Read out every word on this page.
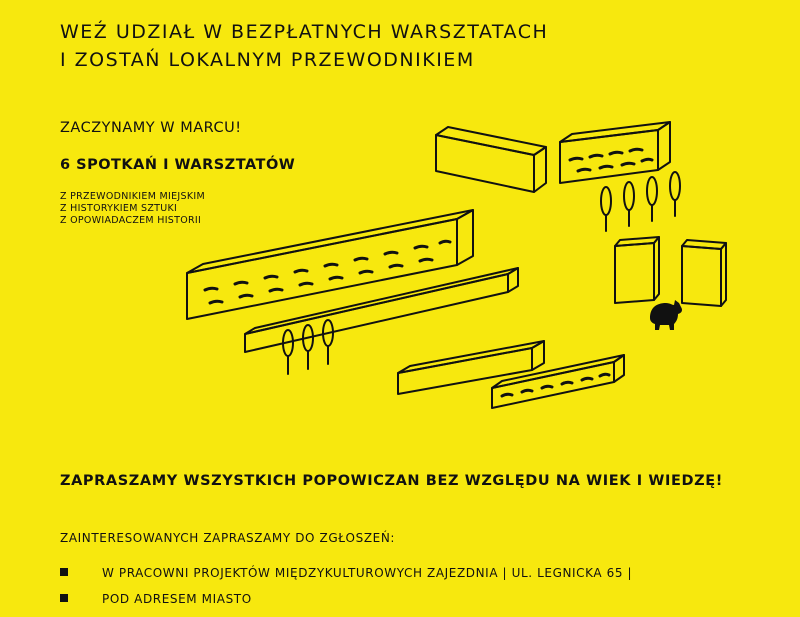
WEŹ UDZIAŁ W BEZPŁATNYCH WARSZTATACH
I ZOSTAŃ LOKALNYM PRZEWODNIKIEM

ZACZYNAMY W MARCU!

6 SPOTKAŃ I WARSZTATÓW

Z PRZEWODNIKIEM MIEJSKIM
Z HISTORYKIEM SZTUKI
Z OPOWIADACZEM HISTORII

ZAPRASZAMY WSZYSTKICH POPOWICZAN BEZ WZGLĘDU NA WIEK I WIEDZĘ!

ZAINTERESOWANYCH ZAPRASZAMY DO ZGŁOSZEŃ:

W PRACOWNI PROJEKTÓW MIĘDZYKULTUROWYCH ZAJEZDNIA | UL. LEGNICKA 65 |
POD ADRESEM MIASTO
